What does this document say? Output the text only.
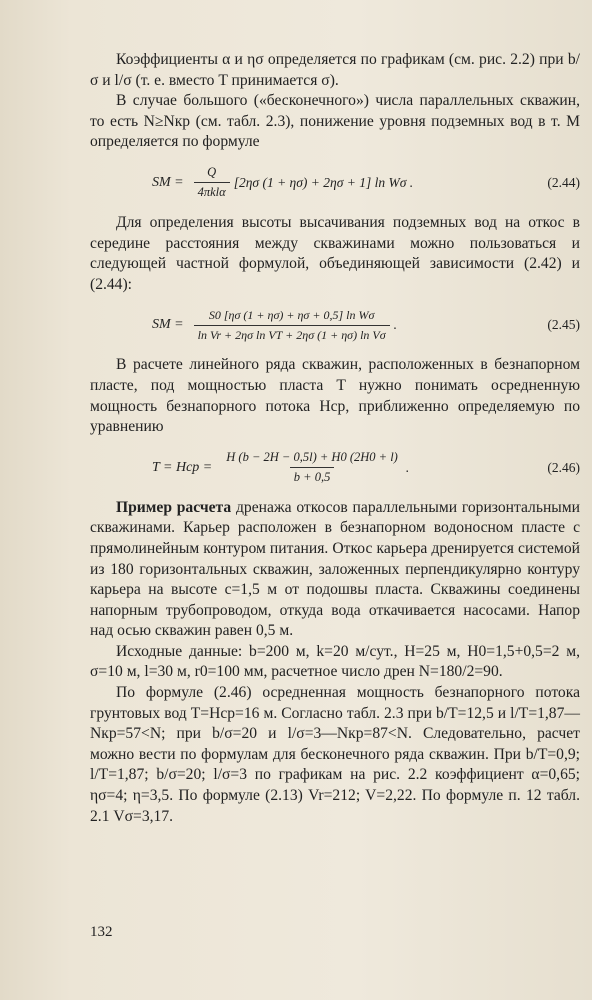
Коэффициенты α и ησ определяется по графикам (см. рис. 2.2) при b/σ и l/σ (т. е. вместо T принимается σ).

В случае большого («бесконечного») числа параллельных скважин, то есть N≥Nкр (см. табл. 2.3), понижение уровня подземных вод в т. M определяется по формуле

SM = $\frac{Q}{\text{4πklα}} [2\eta\sigma$ (1 + ησ) + 2ησ + 1] ln Wσ .	(2.44)

Для определения высоты высачивания подземных вод на откос в середине расстояния между скважинами можно пользоваться и следующей частной формулой, объединяющей зависимости (2.42) и (2.44):

SM = $\frac{\text{S0 [ησ (1 + ησ) + ησ + 0,5] ln Wσ}}{\text{ln Vr + 2ησ ln VT + 2ησ (1 + ησ) ln Vσ}}$ .	(2.45)

В расчете линейного ряда скважин, расположенных в безнапорном пласте, под мощностью пласта T нужно понимать осредненную мощность безнапорного потока Hср, приближенно определяемую по уравнению

T = Hср = $\frac{H (b - 2H - 0,5l) + H0 (2H0 + l)}{b + 0,5}$ .	(2.46)

Пример расчета дренажа откосов параллельными горизонтальными скважинами. Карьер расположен в безнапорном водоносном пласте с прямолинейным контуром питания. Откос карьера дренируется системой из 180 горизонтальных скважин, заложенных перпендикулярно контуру карьера на высоте c=1,5 м от подошвы пласта. Скважины соединены напорным трубопроводом, откуда вода откачивается насосами. Напор над осью скважин равен 0,5 м.

Исходные данные: b=200 м, k=20 м/сут., H=25 м, H0=1,5+0,5=2 м, σ=10 м, l=30 м, r0=100 мм, расчетное число дрен N=180/2=90.

По формуле (2.46) осредненная мощность безнапорного потока грунтовых вод T=Hср=16 м. Согласно табл. 2.3 при b/T=12,5 и l/T=1,87—Nкр=57<N; при b/σ=20 и l/σ=3—Nкр=87<N. Следовательно, расчет можно вести по формулам для бесконечного ряда скважин. При b/T=0,9; l/T=1,87; b/σ=20; l/σ=3 по графикам на рис. 2.2 коэффициент α=0,65; ησ=4; η=3,5. По формуле (2.13) Vr=212; V=2,22. По формуле п. 12 табл. 2.1 Vσ=3,17.

132
